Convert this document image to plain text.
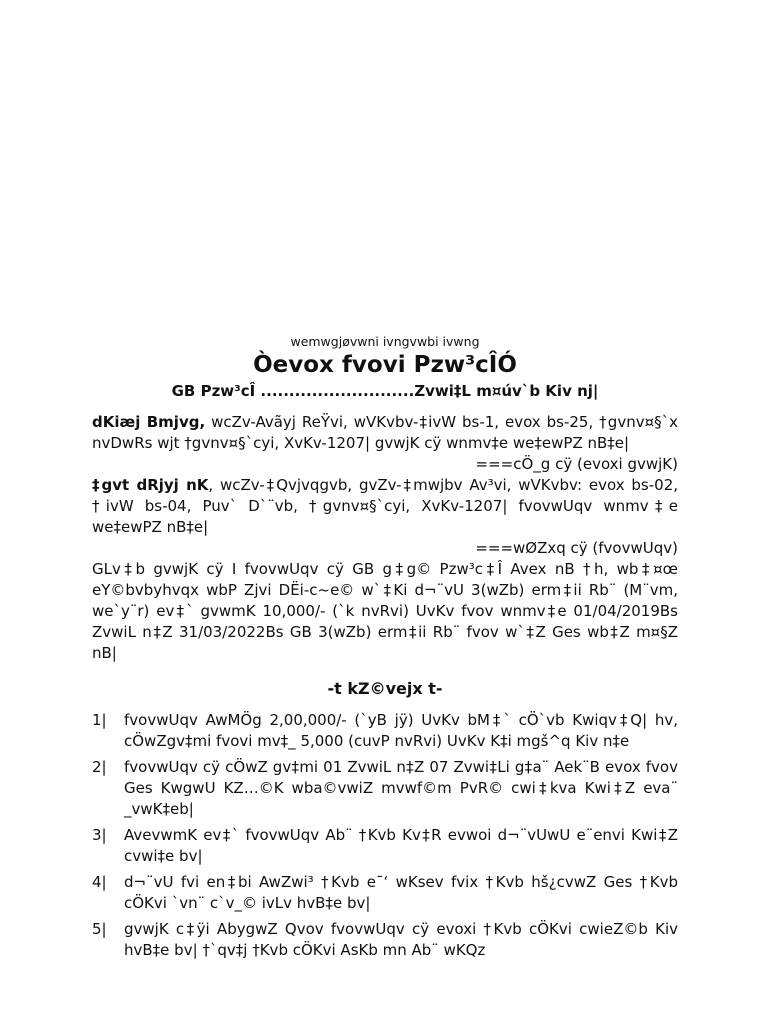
wemwgjøvwni ivngvwbi ivwng

Òevox fvovi Pzw³cÎÓ

GB Pzw³cÎ ...........................Zvwi‡L m¤úv`b Kiv nj|

dKiæj Bmjvg, wcZv-Avãyj ReŸvi, wVKvbv-‡ivW bs-1, evox bs-25, †gvnv¤§`x nvDwRs wjt †gvnv¤§`cyi, XvKv-1207| gvwjK cÿ wnmv‡e we‡ewPZ nB‡e|

===cÖ_g cÿ (evoxi gvwjK)

‡gvt dRjyj nK, wcZv-‡Qvjvqgvb, gvZv-‡mwjbv Av³vi, wVKvbv: evox bs-02, †ivW bs-04, Puv` D`¨vb, †gvnv¤§`cyi, XvKv-1207| fvovwUqv wnmv‡e we‡ewPZ nB‡e|

===wØZxq cÿ (fvovwUqv)

GLv‡b gvwjK cÿ I fvovwUqv cÿ GB g‡g© Pzw³c‡Î Avex nB †h, wb‡¤œ eY©bvbyhvqx wbP Zjvi DËi-c~e© w`‡Ki d¬¨vU 3(wZb) erm‡ii Rb¨ (M¨vm, we`y¨r) ev‡` gvwmK 10,000/- (`k nvRvi) UvKv fvov wnmv‡e 01/04/2019Bs ZvwiL n‡Z 31/03/2022Bs GB 3(wZb) erm‡ii Rb¨ fvov w`‡Z Ges wb‡Z m¤§Z nB|

-t kZ©vejx t-

1|	fvovwUqv AwMÖg 2,00,000/- (`yB jÿ) UvKv bM‡` cÖ`vb Kwiqv‡Q| hv, cÖwZgv‡mi fvovi mv‡_ 5,000 (cuvP nvRvi) UvKv K‡i mgš^q Kiv n‡e
2|	fvovwUqv cÿ cÖwZ gv‡mi 01 ZvwiL n‡Z 07 Zvwi‡Li g‡a¨ Aek¨B evox fvov Ges KwgwU KZ…©K wba©vwiZ mvwf©m PvR© cwi‡kva Kwi‡Z eva¨ _vwK‡eb|
3|	AvevwmK ev‡` fvovwUqv Ab¨ †Kvb Kv‡R evwoi d¬¨vUwU e¨envi Kwi‡Z cvwi‡e bv|
4|	d¬¨vU fvi en‡bi AwZwi³ †Kvb e¯‘ wKsev fvix †Kvb hš¿cvwZ Ges †Kvb cÖKvi `vn¨ c`v_© ivLv hvB‡e bv|
5|	gvwjK c‡ÿi AbygwZ Qvov fvovwUqv cÿ evoxi †Kvb cÖKvi cwieZ©b Kiv hvB‡e bv| †`qv‡j †Kvb cÖKvi AsKb mn Ab¨ wKQz
